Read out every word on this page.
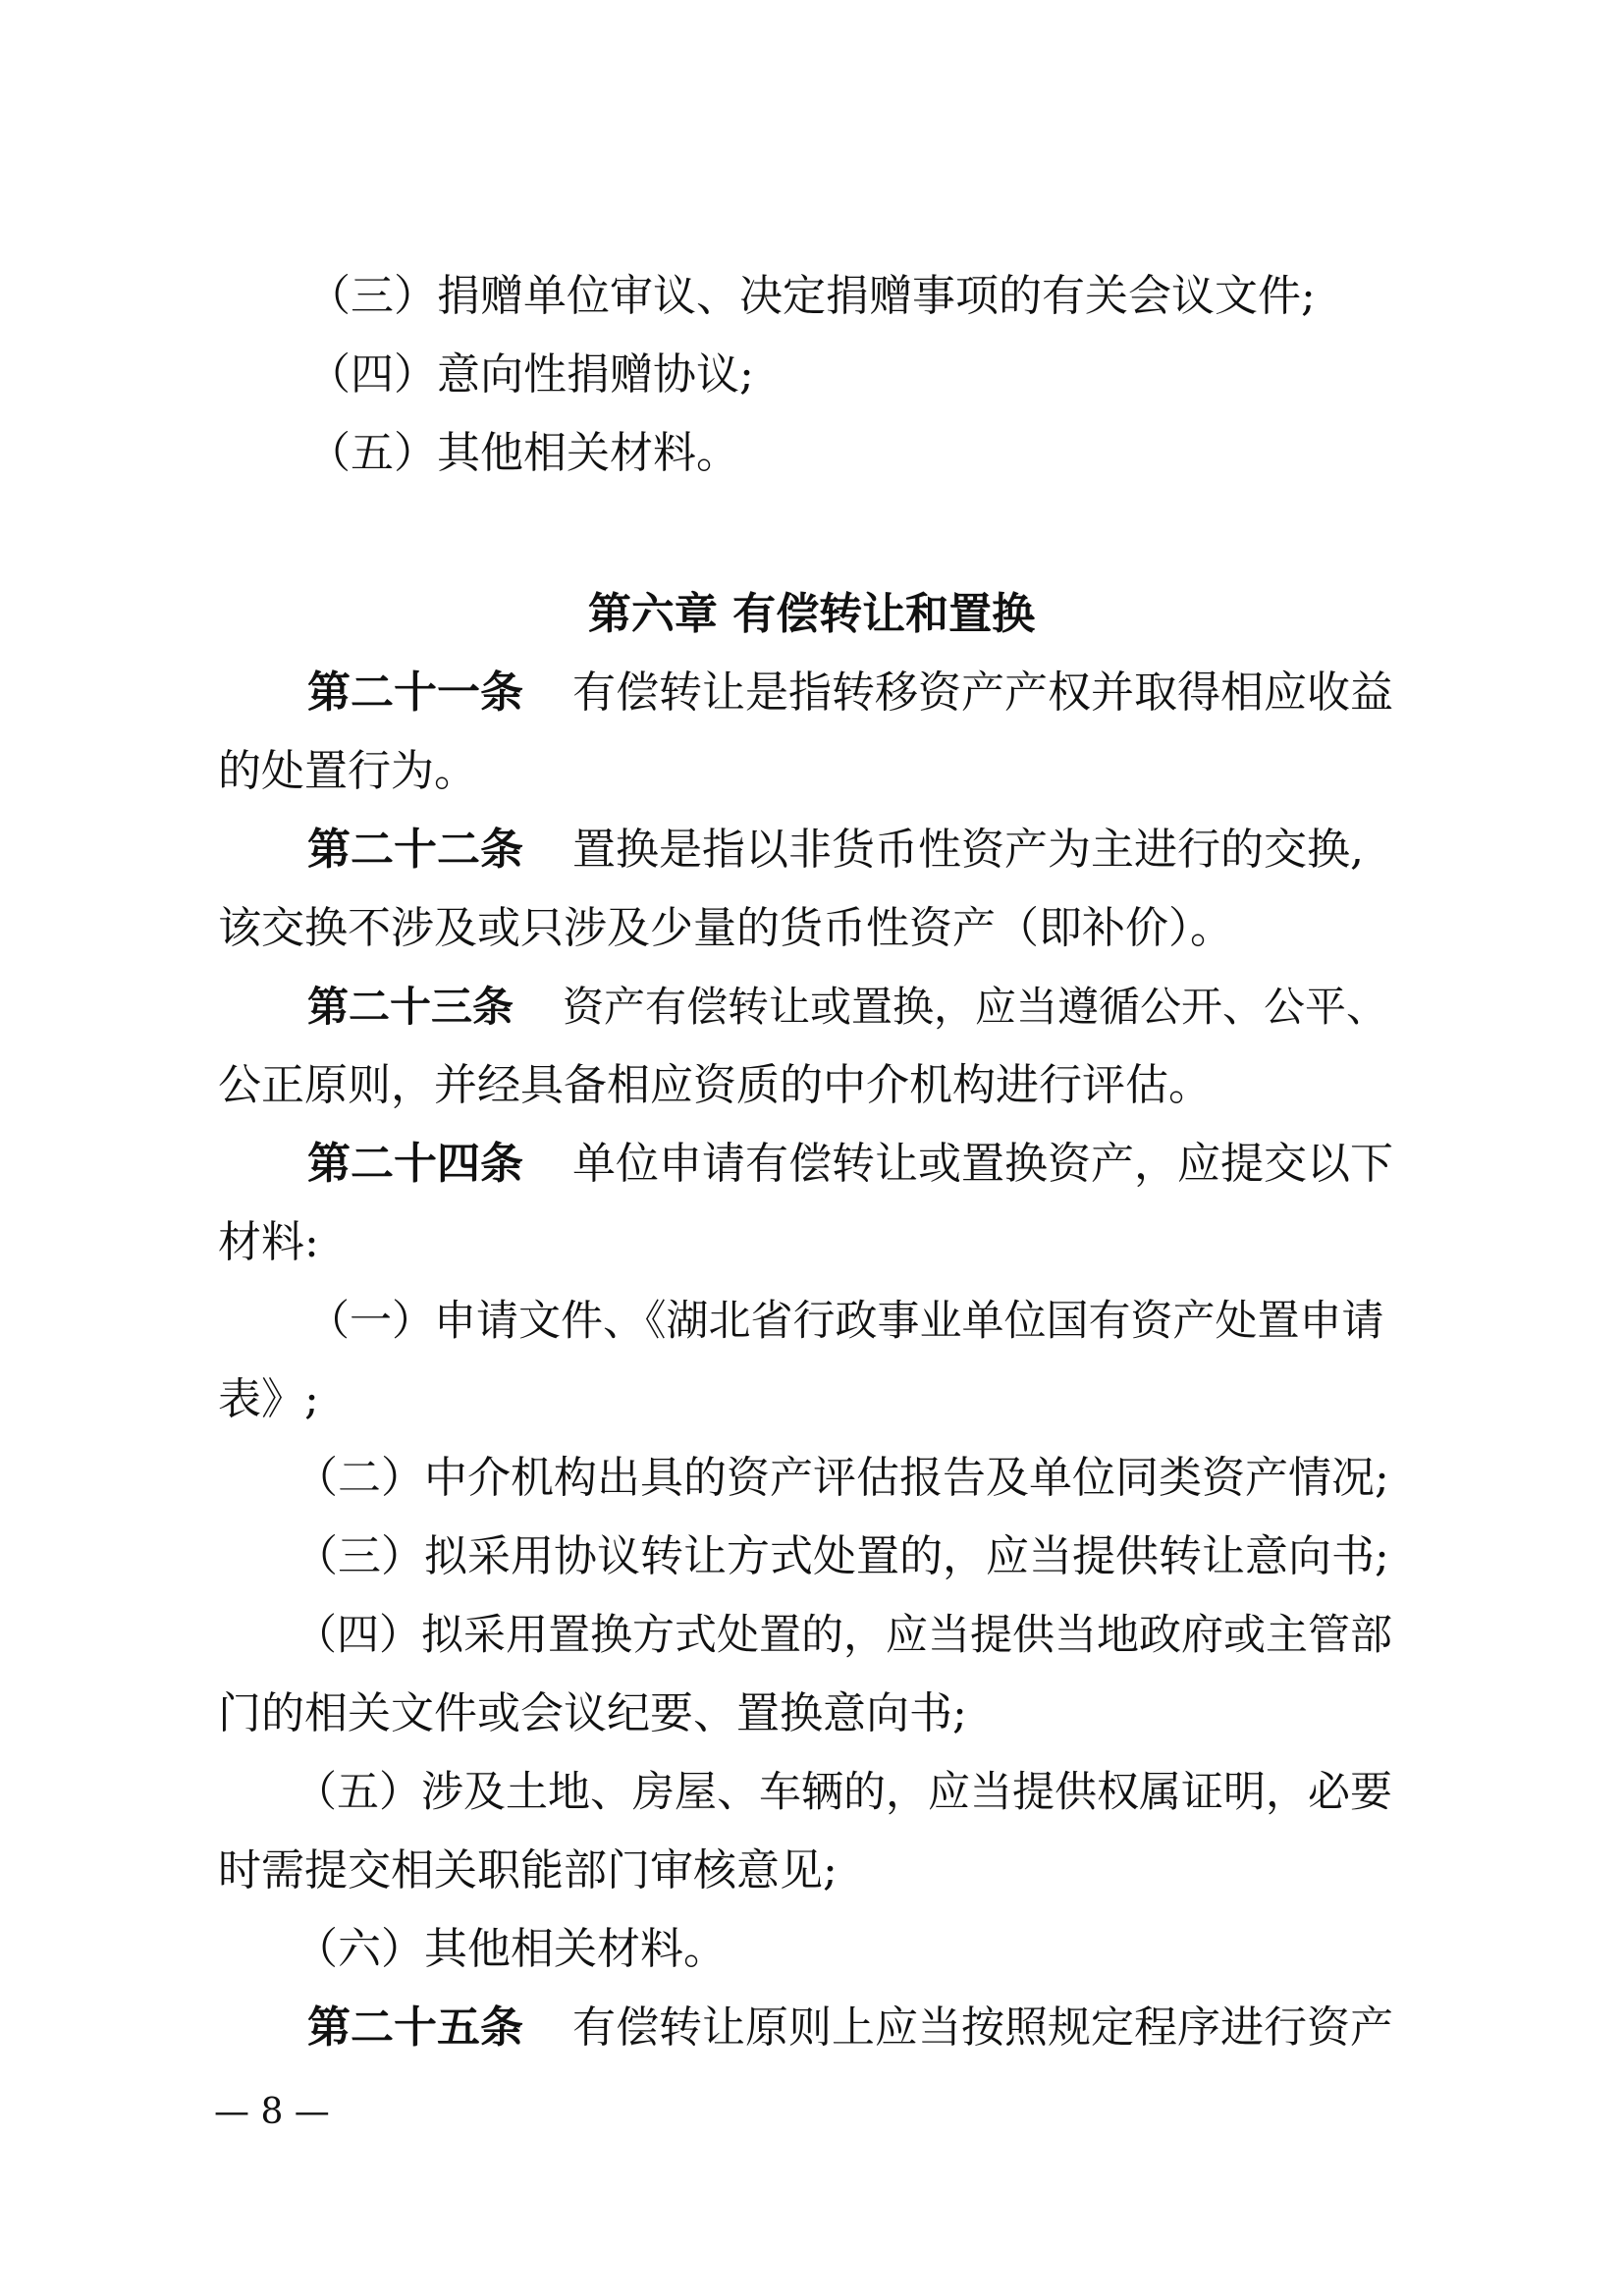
（三）捐赠单位审议、决定捐赠事项的有关会议文件;
（四）意向性捐赠协议;
（五）其他相关材料。
第六章 有偿转让和置换
第二十一条 有偿转让是指转移资产产权并取得相应收益
的处置行为。
第二十二条 置换是指以非货币性资产为主进行的交换,
该交换不涉及或只涉及少量的货币性资产（即补价）。
第二十三条 资产有偿转让或置换，应当遵循公开、公平、
公正原则，并经具备相应资质的中介机构进行评估。
第二十四条 单位申请有偿转让或置换资产，应提交以下
材料:
（一）申请文件、《湖北省行政事业单位国有资产处置申请
表》;
（二）中介机构出具的资产评估报告及单位同类资产情况;
（三）拟采用协议转让方式处置的，应当提供转让意向书;
（四）拟采用置换方式处置的，应当提供当地政府或主管部
门的相关文件或会议纪要、置换意向书;
（五）涉及土地、房屋、车辆的，应当提供权属证明，必要
时需提交相关职能部门审核意见;
（六）其他相关材料。
第二十五条 有偿转让原则上应当按照规定程序进行资产
— 8 —
